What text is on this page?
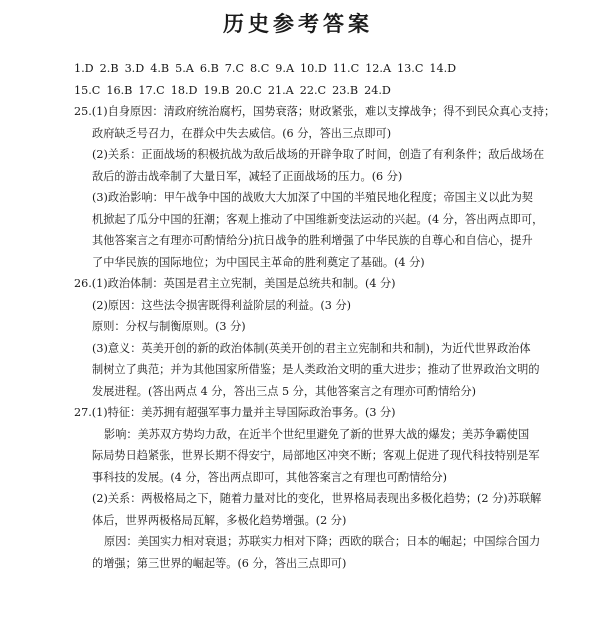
历史参考答案
1.D 2.B 3.D 4.B 5.A 6.B 7.C 8.C 9.A 10.D 11.C 12.A 13.C 14.D
15.C 16.B 17.C 18.D 19.B 20.C 21.A 22.C 23.B 24.D
25.(1)自身原因：清政府统治腐朽，国势衰落；财政紧张，难以支撑战争；得不到民众真心支持；
政府缺乏号召力，在群众中失去威信。(6 分，答出三点即可)
(2)关系：正面战场的积极抗战为敌后战场的开辟争取了时间，创造了有利条件；敌后战场在
敌后的游击战牵制了大量日军，减轻了正面战场的压力。(6 分)
(3)政治影响：甲午战争中国的战败大大加深了中国的半殖民地化程度；帝国主义以此为契
机掀起了瓜分中国的狂潮；客观上推动了中国维新变法运动的兴起。(4 分，答出两点即可，
其他答案言之有理亦可酌情给分)抗日战争的胜利增强了中华民族的自尊心和自信心，提升
了中华民族的国际地位；为中国民主革命的胜利奠定了基础。(4 分)
26.(1)政治体制：英国是君主立宪制，美国是总统共和制。(4 分)
(2)原因：这些法令损害既得利益阶层的利益。(3 分)
原则：分权与制衡原则。(3 分)
(3)意义：英美开创的新的政治体制(英美开创的君主立宪制和共和制)，为近代世界政治体
制树立了典范；并为其他国家所借鉴；是人类政治文明的重大进步；推动了世界政治文明的
发展进程。(答出两点 4 分，答出三点 5 分，其他答案言之有理亦可酌情给分)
27.(1)特征：美苏拥有超强军事力量并主导国际政治事务。(3 分)
影响：美苏双方势均力敌，在近半个世纪里避免了新的世界大战的爆发；美苏争霸使国
际局势日趋紧张，世界长期不得安宁，局部地区冲突不断；客观上促进了现代科技特别是军
事科技的发展。(4 分，答出两点即可，其他答案言之有理也可酌情给分)
(2)关系：两极格局之下，随着力量对比的变化，世界格局表现出多极化趋势；(2 分)苏联解
体后，世界两极格局瓦解，多极化趋势增强。(2 分)
原因：美国实力相对衰退；苏联实力相对下降；西欧的联合；日本的崛起；中国综合国力
的增强；第三世界的崛起等。(6 分，答出三点即可)
